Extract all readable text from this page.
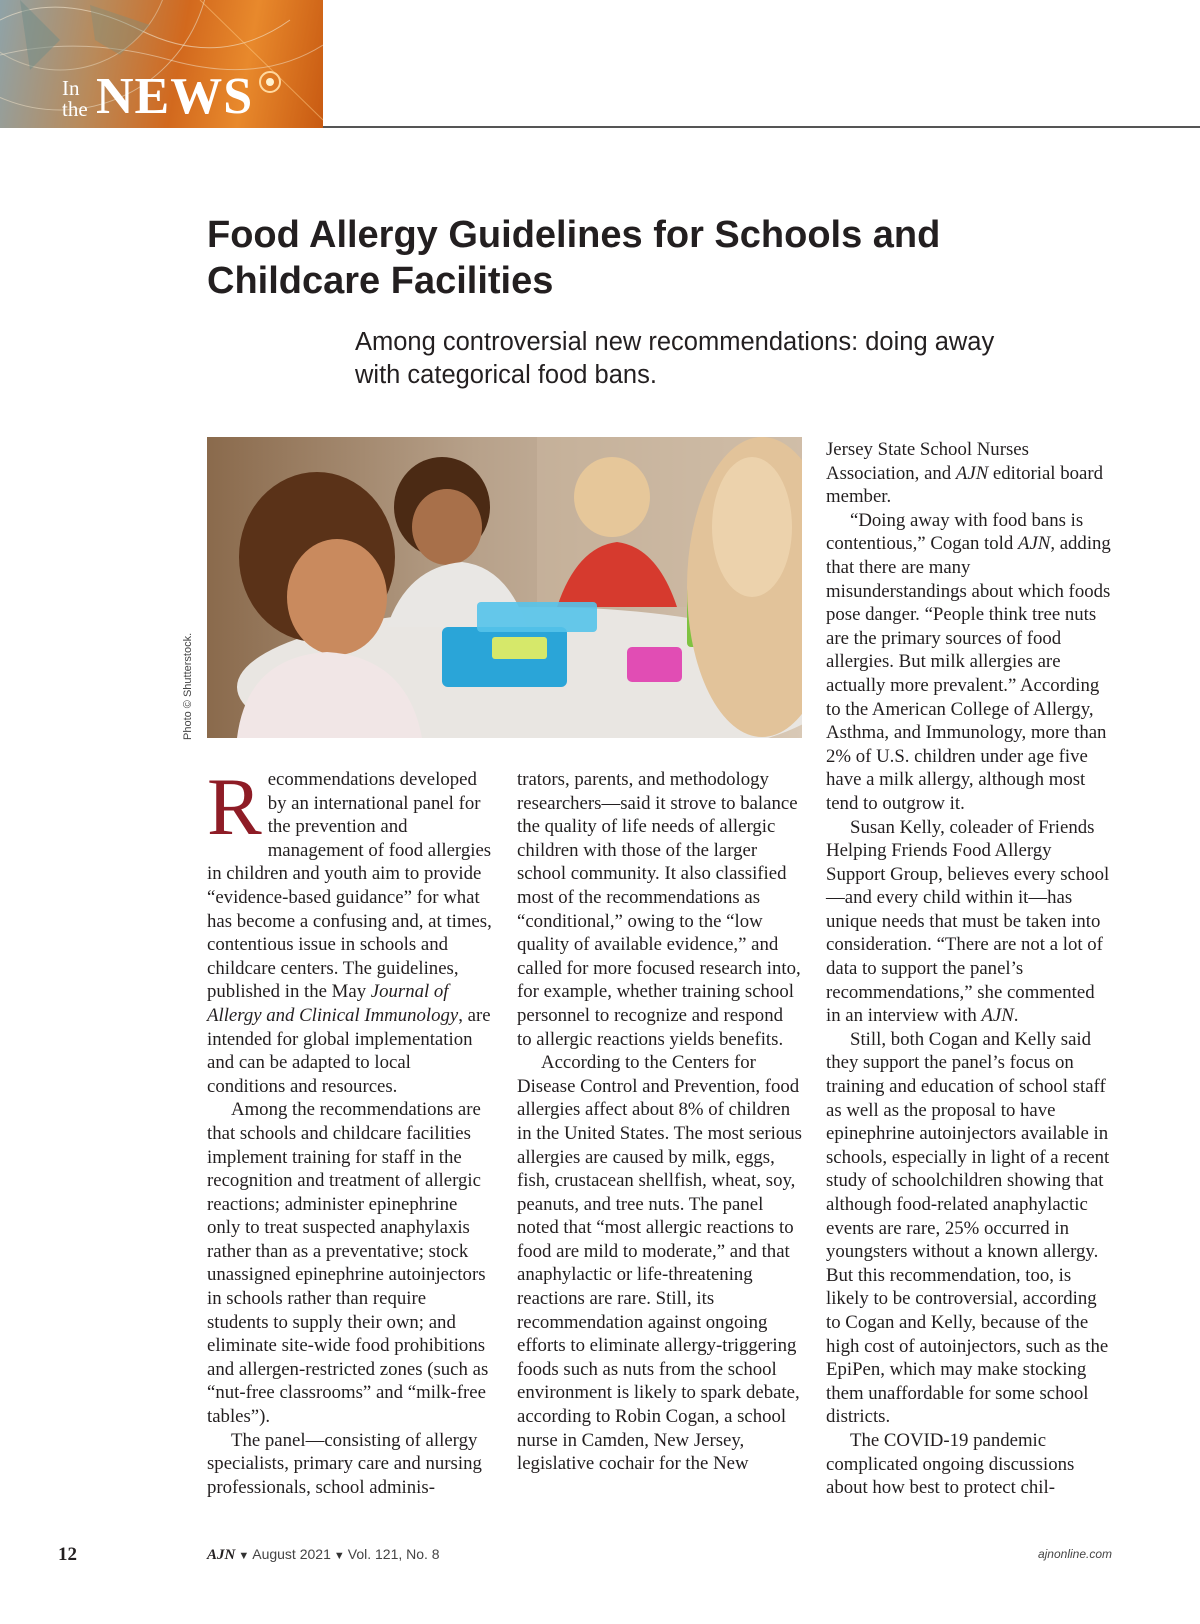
In
the NEWS
Food Allergy Guidelines for Schools and Childcare Facilities

Among controversial new recommendations: doing away with categorical food bans.

Photo © Shutterstock.

Recommendations developed by an international panel for the prevention and management of food allergies in children and youth aim to provide “evidence-based guidance” for what has become a confusing and, at times, contentious issue in schools and childcare centers. The guidelines, published in the May Journal of Allergy and Clinical Immunology, are intended for global implementation and can be adapted to local conditions and resources.

Among the recommendations are that schools and childcare facilities implement training for staff in the recognition and treatment of allergic reactions; administer epinephrine only to treat suspected anaphylaxis rather than as a preventative; stock unassigned epinephrine autoinjectors in schools rather than require students to supply their own; and eliminate site-wide food prohibitions and allergen-restricted zones (such as “nut-free classrooms” and “milk-free tables”).

The panel—consisting of allergy specialists, primary care and nursing professionals, school adminis-

trators, parents, and methodology researchers—said it strove to balance the quality of life needs of allergic children with those of the larger school community. It also classified most of the recommendations as “conditional,” owing to the “low quality of available evidence,” and called for more focused research into, for example, whether training school personnel to recognize and respond to allergic reactions yields benefits.

According to the Centers for Disease Control and Prevention, food allergies affect about 8% of children in the United States. The most serious allergies are caused by milk, eggs, fish, crustacean shellfish, wheat, soy, peanuts, and tree nuts. The panel noted that “most allergic reactions to food are mild to moderate,” and that anaphylactic or life-threatening reactions are rare. Still, its recommendation against ongoing efforts to eliminate allergy-triggering foods such as nuts from the school environment is likely to spark debate, according to Robin Cogan, a school nurse in Camden, New Jersey, legislative cochair for the New

Jersey State School Nurses Association, and AJN editorial board member.

“Doing away with food bans is contentious,” Cogan told AJN, adding that there are many misunderstandings about which foods pose danger. “People think tree nuts are the primary sources of food allergies. But milk allergies are actually more prevalent.” According to the American College of Allergy, Asthma, and Immunology, more than 2% of U.S. children under age five have a milk allergy, although most tend to outgrow it.

Susan Kelly, coleader of Friends Helping Friends Food Allergy Support Group, believes every school—and every child within it—has unique needs that must be taken into consideration. “There are not a lot of data to support the panel’s recommendations,” she commented in an interview with AJN.

Still, both Cogan and Kelly said they support the panel’s focus on training and education of school staff as well as the proposal to have epinephrine autoinjectors available in schools, especially in light of a recent study of schoolchildren showing that although food-related anaphylactic events are rare, 25% occurred in youngsters without a known allergy. But this recommendation, too, is likely to be controversial, according to Cogan and Kelly, because of the high cost of autoinjectors, such as the EpiPen, which may make stocking them unaffordable for some school districts.

The COVID-19 pandemic complicated ongoing discussions about how best to protect chil-

12	AJN ▼ August 2021 ▼ Vol. 121, No. 8	ajnonline.com
